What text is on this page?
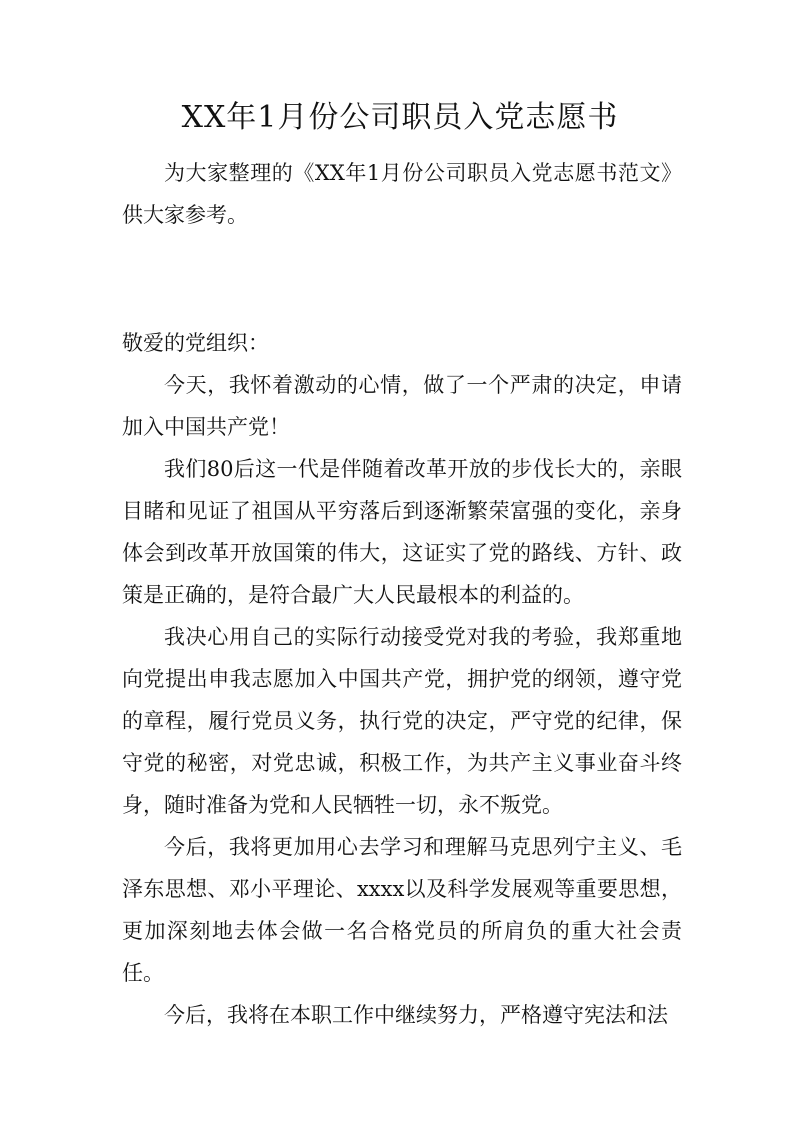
XX年1月份公司职员入党志愿书

为大家整理的《XX年1月份公司职员入党志愿书范文》供大家参考。

敬爱的党组织：

今天，我怀着激动的心情，做了一个严肃的决定，申请加入中国共产党！

我们80后这一代是伴随着改革开放的步伐长大的，亲眼目睹和见证了祖国从平穷落后到逐渐繁荣富强的变化，亲身体会到改革开放国策的伟大，这证实了党的路线、方针、政策是正确的，是符合最广大人民最根本的利益的。

我决心用自己的实际行动接受党对我的考验，我郑重地向党提出申我志愿加入中国共产党，拥护党的纲领，遵守党的章程，履行党员义务，执行党的决定，严守党的纪律，保守党的秘密，对党忠诚，积极工作，为共产主义事业奋斗终身，随时准备为党和人民牺牲一切，永不叛党。

今后，我将更加用心去学习和理解马克思列宁主义、毛泽东思想、邓小平理论、xxxx以及科学发展观等重要思想，更加深刻地去体会做一名合格党员的所肩负的重大社会责任。

今后，我将在本职工作中继续努力，严格遵守宪法和法
